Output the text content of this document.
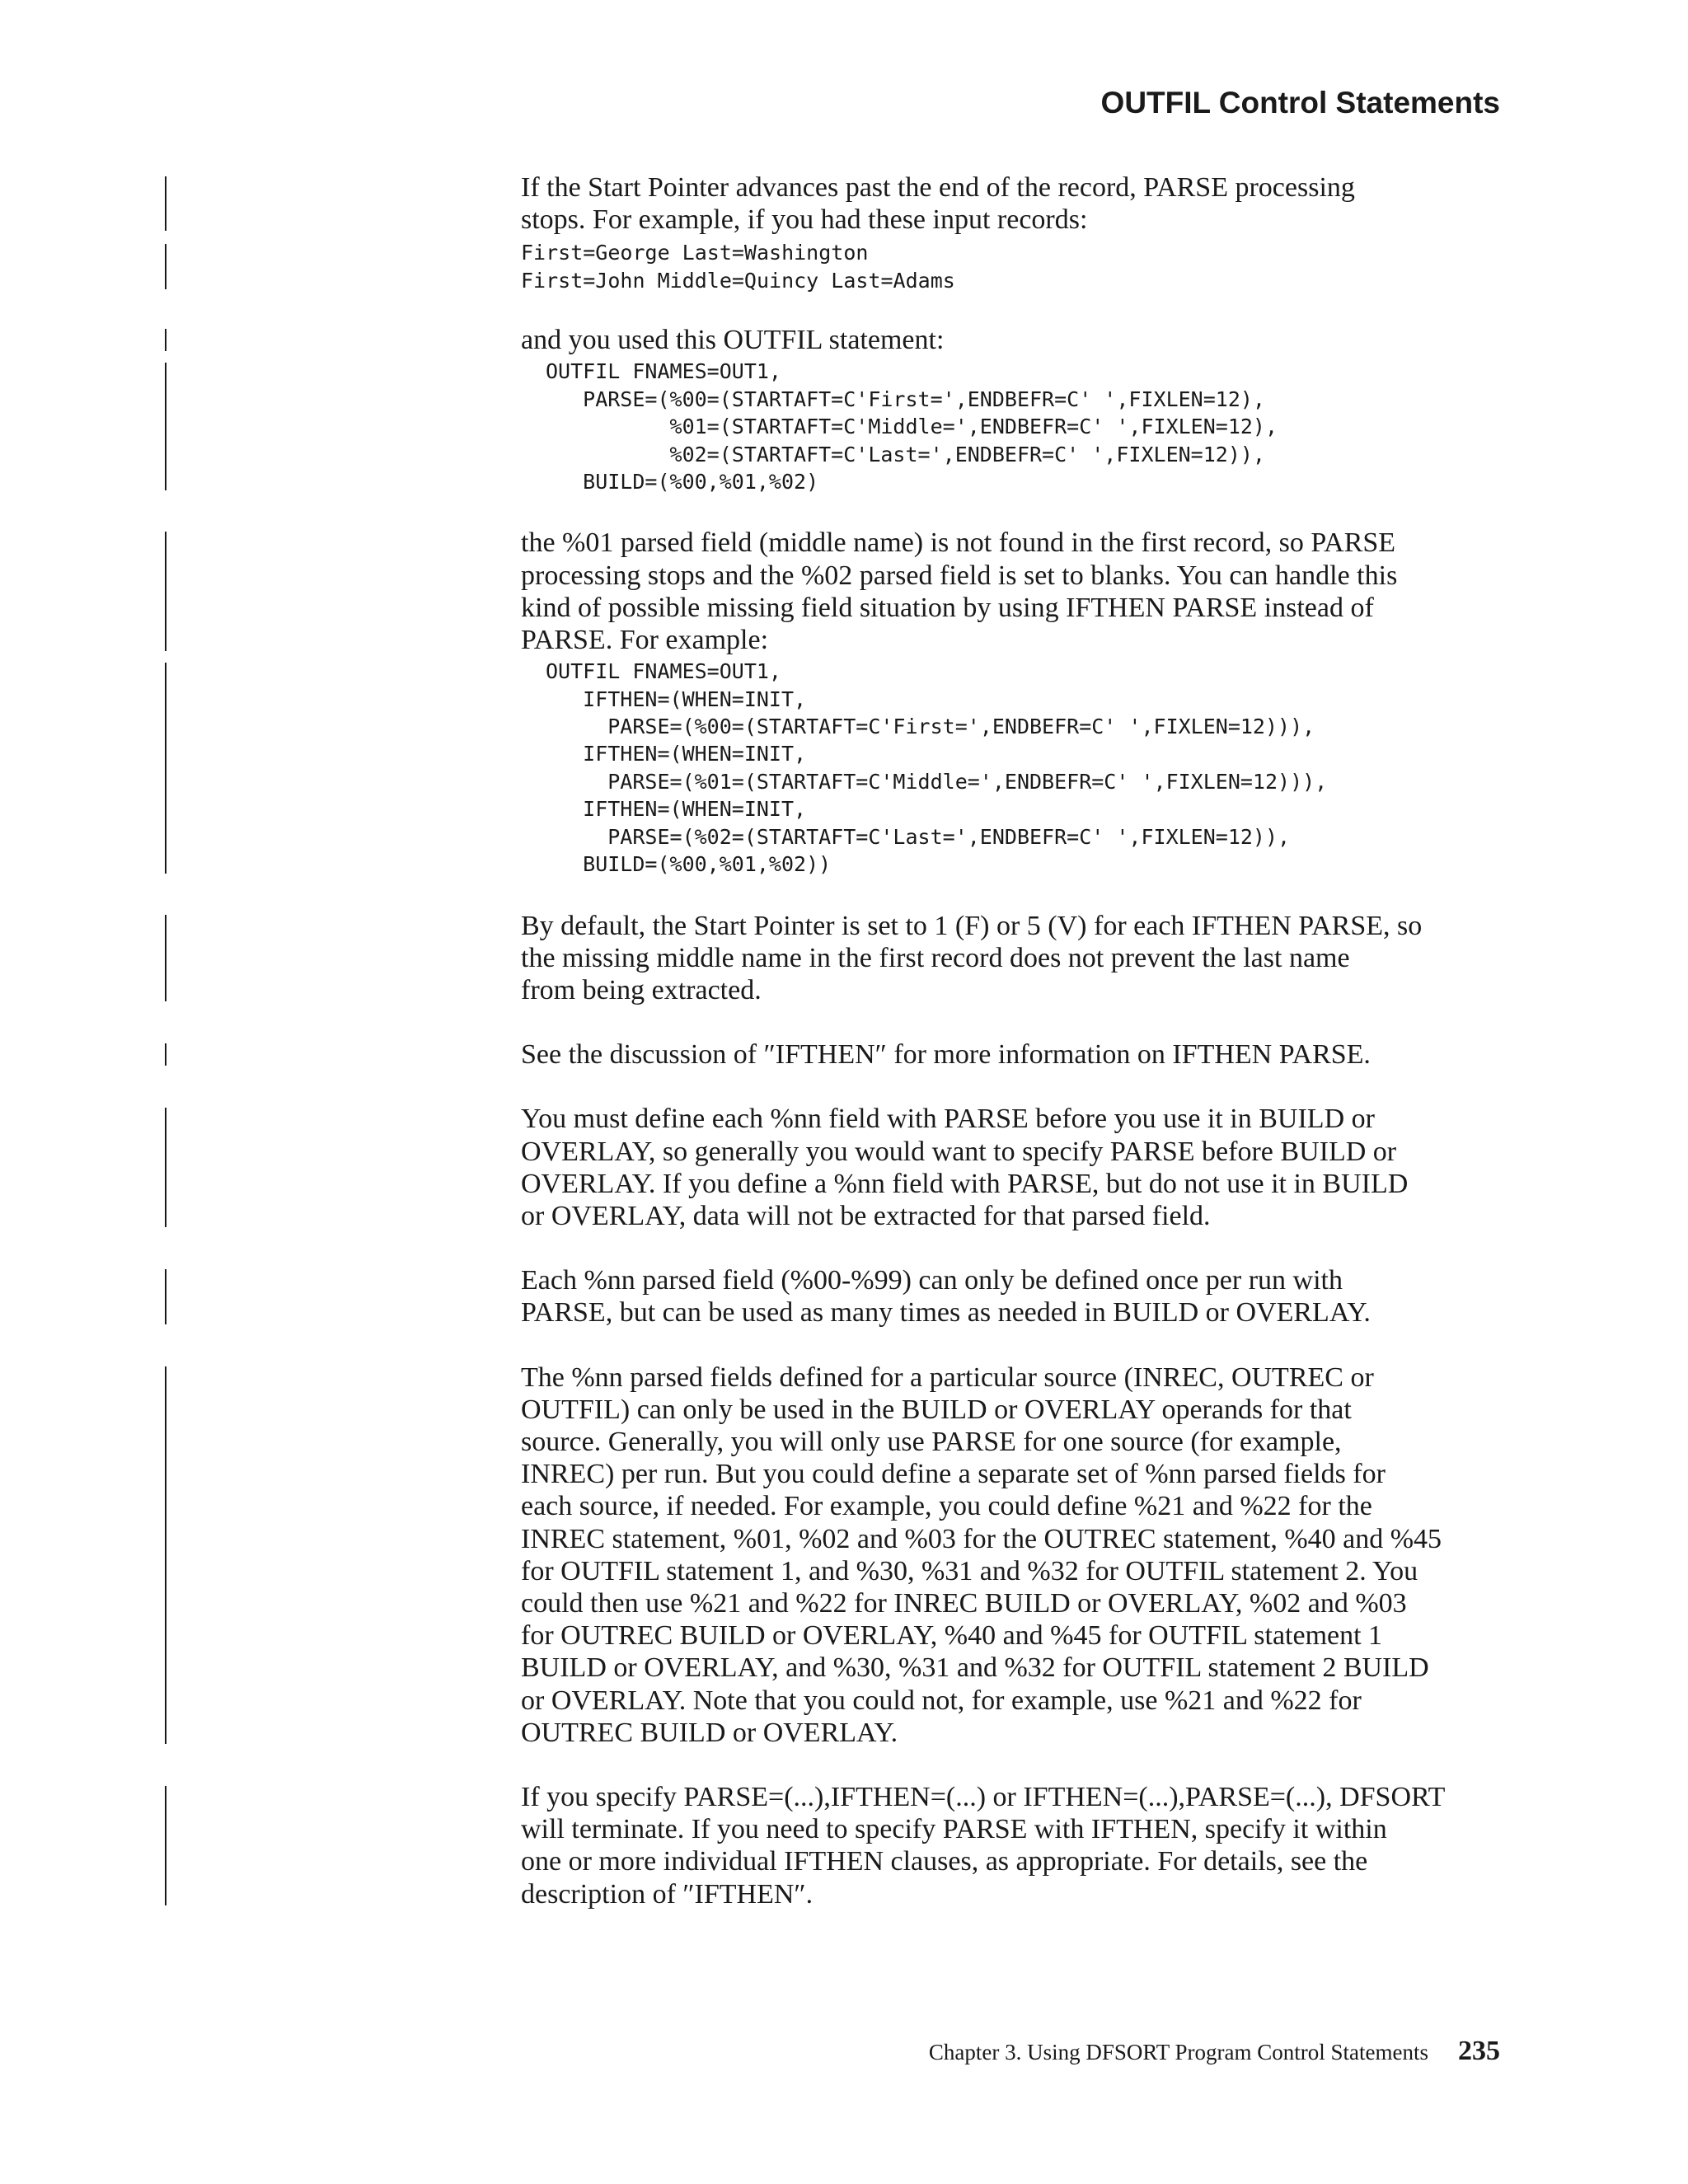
OUTFIL Control Statements

If the Start Pointer advances past the end of the record, PARSE processing
stops. For example, if you had these input records:

First=George Last=Washington
First=John Middle=Quincy Last=Adams

and you used this OUTFIL statement:

OUTFIL FNAMES=OUT1,
PARSE=(%00=(STARTAFT=C'First=',ENDBEFR=C' ',FIXLEN=12),
%01=(STARTAFT=C'Middle=',ENDBEFR=C' ',FIXLEN=12),
%02=(STARTAFT=C'Last=',ENDBEFR=C' ',FIXLEN=12)),
BUILD=(%00,%01,%02)

the %01 parsed field (middle name) is not found in the first record, so PARSE
processing stops and the %02 parsed field is set to blanks. You can handle this
kind of possible missing field situation by using IFTHEN PARSE instead of
PARSE. For example:

OUTFIL FNAMES=OUT1,
IFTHEN=(WHEN=INIT,
PARSE=(%00=(STARTAFT=C'First=',ENDBEFR=C' ',FIXLEN=12))),
IFTHEN=(WHEN=INIT,
PARSE=(%01=(STARTAFT=C'Middle=',ENDBEFR=C' ',FIXLEN=12))),
IFTHEN=(WHEN=INIT,
PARSE=(%02=(STARTAFT=C'Last=',ENDBEFR=C' ',FIXLEN=12)),
BUILD=(%00,%01,%02))

By default, the Start Pointer is set to 1 (F) or 5 (V) for each IFTHEN PARSE, so
the missing middle name in the first record does not prevent the last name
from being extracted.

See the discussion of ″IFTHEN″ for more information on IFTHEN PARSE.

You must define each %nn field with PARSE before you use it in BUILD or
OVERLAY, so generally you would want to specify PARSE before BUILD or
OVERLAY. If you define a %nn field with PARSE, but do not use it in BUILD
or OVERLAY, data will not be extracted for that parsed field.

Each %nn parsed field (%00-%99) can only be defined once per run with
PARSE, but can be used as many times as needed in BUILD or OVERLAY.

The %nn parsed fields defined for a particular source (INREC, OUTREC or
OUTFIL) can only be used in the BUILD or OVERLAY operands for that
source. Generally, you will only use PARSE for one source (for example,
INREC) per run. But you could define a separate set of %nn parsed fields for
each source, if needed. For example, you could define %21 and %22 for the
INREC statement, %01, %02 and %03 for the OUTREC statement, %40 and %45
for OUTFIL statement 1, and %30, %31 and %32 for OUTFIL statement 2. You
could then use %21 and %22 for INREC BUILD or OVERLAY, %02 and %03
for OUTREC BUILD or OVERLAY, %40 and %45 for OUTFIL statement 1
BUILD or OVERLAY, and %30, %31 and %32 for OUTFIL statement 2 BUILD
or OVERLAY. Note that you could not, for example, use %21 and %22 for
OUTREC BUILD or OVERLAY.

If you specify PARSE=(...),IFTHEN=(...) or IFTHEN=(...),PARSE=(...), DFSORT
will terminate. If you need to specify PARSE with IFTHEN, specify it within
one or more individual IFTHEN clauses, as appropriate. For details, see the
description of ″IFTHEN″.

Chapter 3. Using DFSORT Program Control Statements 235
